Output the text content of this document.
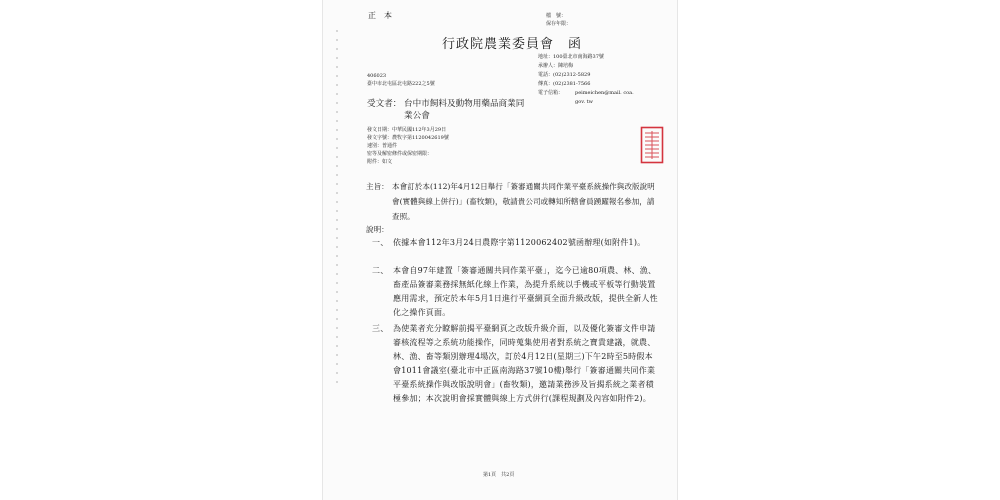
正　本	檔　號：
保存年限：
行政院農業委員會　函
地址：100臺北市南海路37號
承辦人：陳培梅
電話：(02)2312-5829
傳真：(02)2381-7566
電子信箱： peimeichen@mail. coa.
gov. tw
406023
臺中市北屯區北屯路222之5號
受文者： 台中市飼料及動物用藥品商業同
業公會
發文日期：中華民國112年3月29日
發文字號：農牧字第1120042619號
速別：普通件
密等及解密條件或保密期限：
附件：如文
主旨： 本會訂於本(112)年4月12日舉行「簽審通關共同作業平臺系統操作與改版說明會(實體與線上併行)」(畜牧類)，敬請貴公司或轉知所轄會員踴躍報名參加，請查照。
說明：
一、 依據本會112年3月24日農際字第1120062402號函辦理(如附件1)。
二、 本會自97年建置「簽審通關共同作業平臺」，迄今已逾80項農、林、漁、畜產品簽審業務採無紙化線上作業，為提升系統以手機或平板等行動裝置應用需求，預定於本年5月1日進行平臺網頁全面升級改版，提供全新人性化之操作頁面。
三、 為使業者充分瞭解前揭平臺網頁之改版升級介面，以及優化簽審文件申請審核流程等之系統功能操作，同時蒐集使用者對系統之寶貴建議，就農、林、漁、畜等類別辦理4場次，訂於4月12日(星期三)下午2時至5時假本會1011會議室(臺北市中正區南海路37號10樓)舉行「簽審通關共同作業平臺系統操作與改版說明會」(畜牧類)，邀請業務涉及旨揭系統之業者積極參加；本次說明會採實體與線上方式併行(課程規劃及內容如附件2)。
第1頁　共2頁
